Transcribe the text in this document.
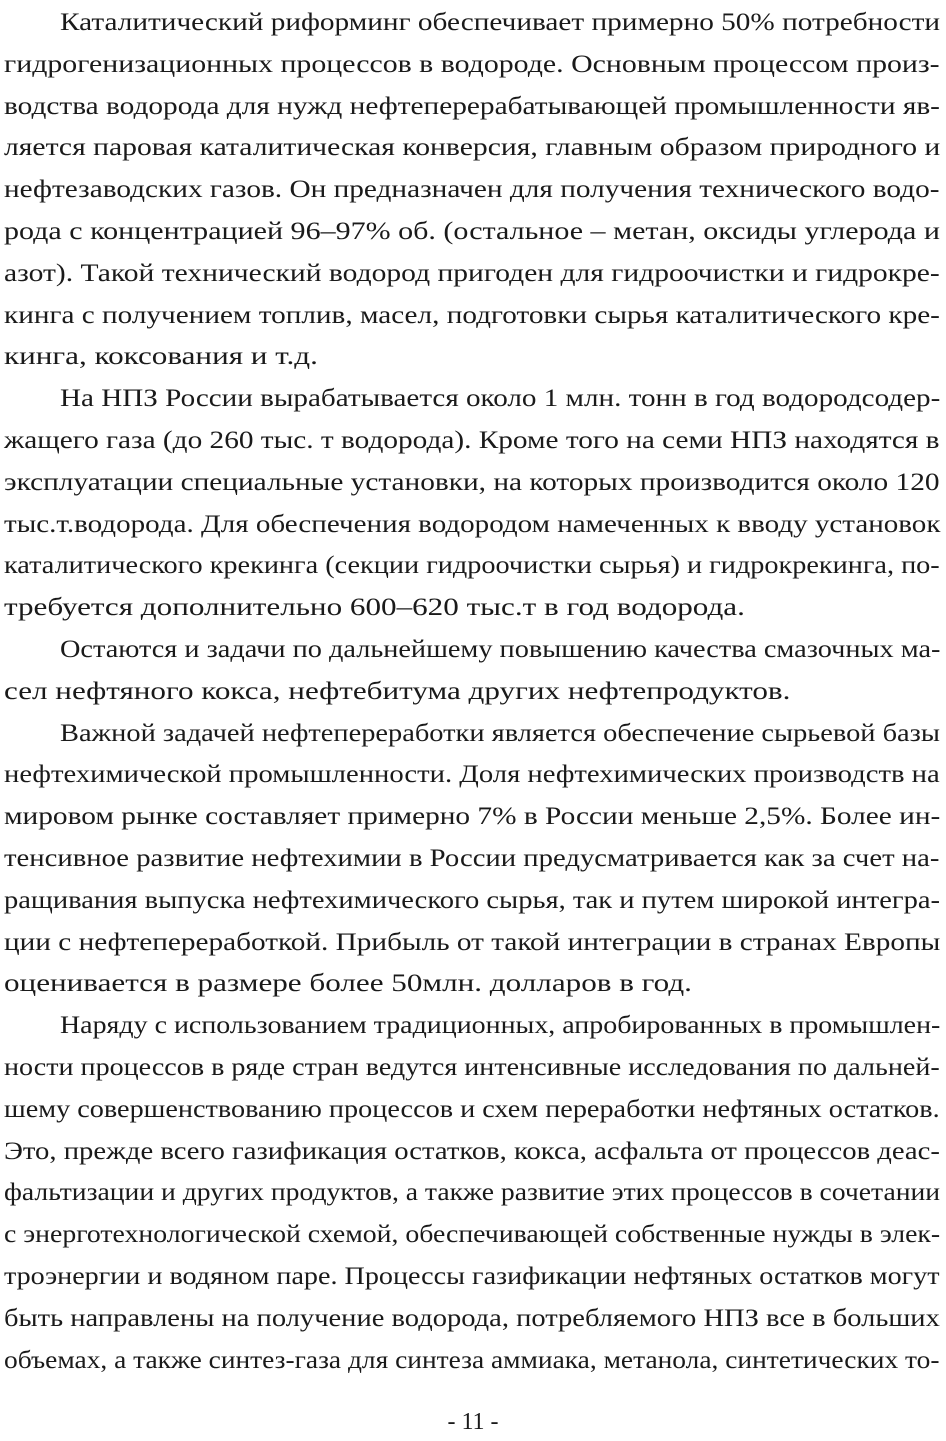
Каталитический риформинг обеспечивает примерно 50% потребности
гидрогенизационных процессов в водороде. Основным процессом произ-
водства водорода для нужд нефтеперерабатывающей промышленности яв-
ляется паровая каталитическая конверсия, главным образом природного и
нефтезаводских газов. Он предназначен для получения технического водо-
рода с концентрацией 96–97% об. (остальное – метан, оксиды углерода и
азот). Такой технический водород пригоден для гидроочистки и гидрокре-
кинга с получением топлив, масел, подготовки сырья каталитического кре-
кинга, коксования и т.д.
На НПЗ России вырабатывается около 1 млн. тонн в год водородсодер-
жащего газа (до 260 тыс. т водорода). Кроме того на семи НПЗ находятся в
эксплуатации специальные установки, на которых производится около 120
тыс.т.водорода. Для обеспечения водородом намеченных к вводу установок
каталитического крекинга (секции гидроочистки сырья) и гидрокрекинга, по-
требуется дополнительно 600–620 тыс.т в год водорода.
Остаются и задачи по дальнейшему повышению качества смазочных ма-
сел нефтяного кокса, нефтебитума других нефтепродуктов.
Важной задачей нефтепереработки является обеспечение сырьевой базы
нефтехимической промышленности. Доля нефтехимических производств на
мировом рынке составляет примерно 7% в России меньше 2,5%. Более ин-
тенсивное развитие нефтехимии в России предусматривается как за счет на-
ращивания выпуска нефтехимического сырья, так и путем широкой интегра-
ции с нефтепереработкой. Прибыль от такой интеграции в странах Европы
оценивается в размере более 50млн. долларов в год.
Наряду с использованием традиционных, апробированных в промышлен-
ности процессов в ряде стран ведутся интенсивные исследования по дальней-
шему совершенствованию процессов и схем переработки нефтяных остатков.
Это, прежде всего газификация остатков, кокса, асфальта от процессов деас-
фальтизации и других продуктов, а также развитие этих процессов в сочетании
с энерготехнологической схемой, обеспечивающей собственные нужды в элек-
троэнергии и водяном паре. Процессы газификации нефтяных остатков могут
быть направлены на получение водорода, потребляемого НПЗ все в больших
объемах, а также синтез-газа для синтеза аммиака, метанола, синтетических то-
- 11 -
